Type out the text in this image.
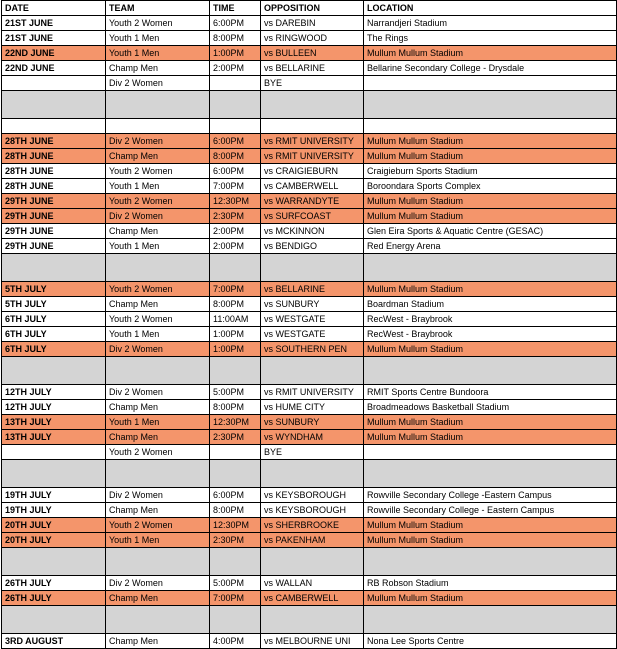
DATE	TEAM	TIME	OPPOSITION	LOCATION
21ST JUNE	Youth 2 Women	6:00PM	vs DAREBIN	Narrandjeri Stadium
21ST JUNE	Youth 1 Men	8:00PM	vs RINGWOOD	The Rings
22ND JUNE	Youth 1 Men	1:00PM	vs BULLEEN	Mullum Mullum Stadium
22ND JUNE	Champ Men	2:00PM	vs BELLARINE	Bellarine Secondary College - Drysdale
	Div 2 Women		BYE	

28TH JUNE	Div 2 Women	6:00PM	vs RMIT UNIVERSITY	Mullum Mullum Stadium
28TH JUNE	Champ Men	8:00PM	vs RMIT UNIVERSITY	Mullum Mullum Stadium
28TH JUNE	Youth 2 Women	6:00PM	vs CRAIGIEBURN	Craigieburn Sports Stadium
28TH JUNE	Youth 1 Men	7:00PM	vs CAMBERWELL	Boroondara Sports Complex
29TH JUNE	Youth 2 Women	12:30PM	vs WARRANDYTE	Mullum Mullum Stadium
29TH JUNE	Div 2 Women	2:30PM	vs SURFCOAST	Mullum Mullum Stadium
29TH JUNE	Champ Men	2:00PM	vs MCKINNON	Glen Eira Sports & Aquatic Centre (GESAC)
29TH JUNE	Youth 1 Men	2:00PM	vs BENDIGO	Red Energy Arena

5TH JULY	Youth 2 Women	7:00PM	vs BELLARINE	Mullum Mullum Stadium
5TH JULY	Champ Men	8:00PM	vs SUNBURY	Boardman Stadium
6TH JULY	Youth 2 Women	11:00AM	vs WESTGATE	RecWest - Braybrook
6TH JULY	Youth 1 Men	1:00PM	vs WESTGATE	RecWest - Braybrook
6TH JULY	Div 2 Women	1:00PM	vs SOUTHERN PEN	Mullum Mullum Stadium

12TH JULY	Div 2 Women	5:00PM	vs RMIT UNIVERSITY	RMIT Sports Centre Bundoora
12TH JULY	Champ Men	8:00PM	vs HUME CITY	Broadmeadows Basketball Stadium
13TH JULY	Youth 1 Men	12:30PM	vs SUNBURY	Mullum Mullum Stadium
13TH JULY	Champ Men	2:30PM	vs WYNDHAM	Mullum Mullum Stadium
	Youth 2 Women		BYE	

19TH JULY	Div 2 Women	6:00PM	vs KEYSBOROUGH	Rowville Secondary College -Eastern Campus
19TH JULY	Champ Men	8:00PM	vs KEYSBOROUGH	Rowville Secondary College - Eastern Campus
20TH JULY	Youth 2 Women	12:30PM	vs SHERBROOKE	Mullum Mullum Stadium
20TH JULY	Youth 1 Men	2:30PM	vs PAKENHAM	Mullum Mullum Stadium

26TH JULY	Div 2 Women	5:00PM	vs WALLAN	RB Robson Stadium
26TH JULY	Champ Men	7:00PM	vs CAMBERWELL	Mullum Mullum Stadium

3RD AUGUST	Champ Men	4:00PM	vs MELBOURNE UNI	Nona Lee Sports Centre
